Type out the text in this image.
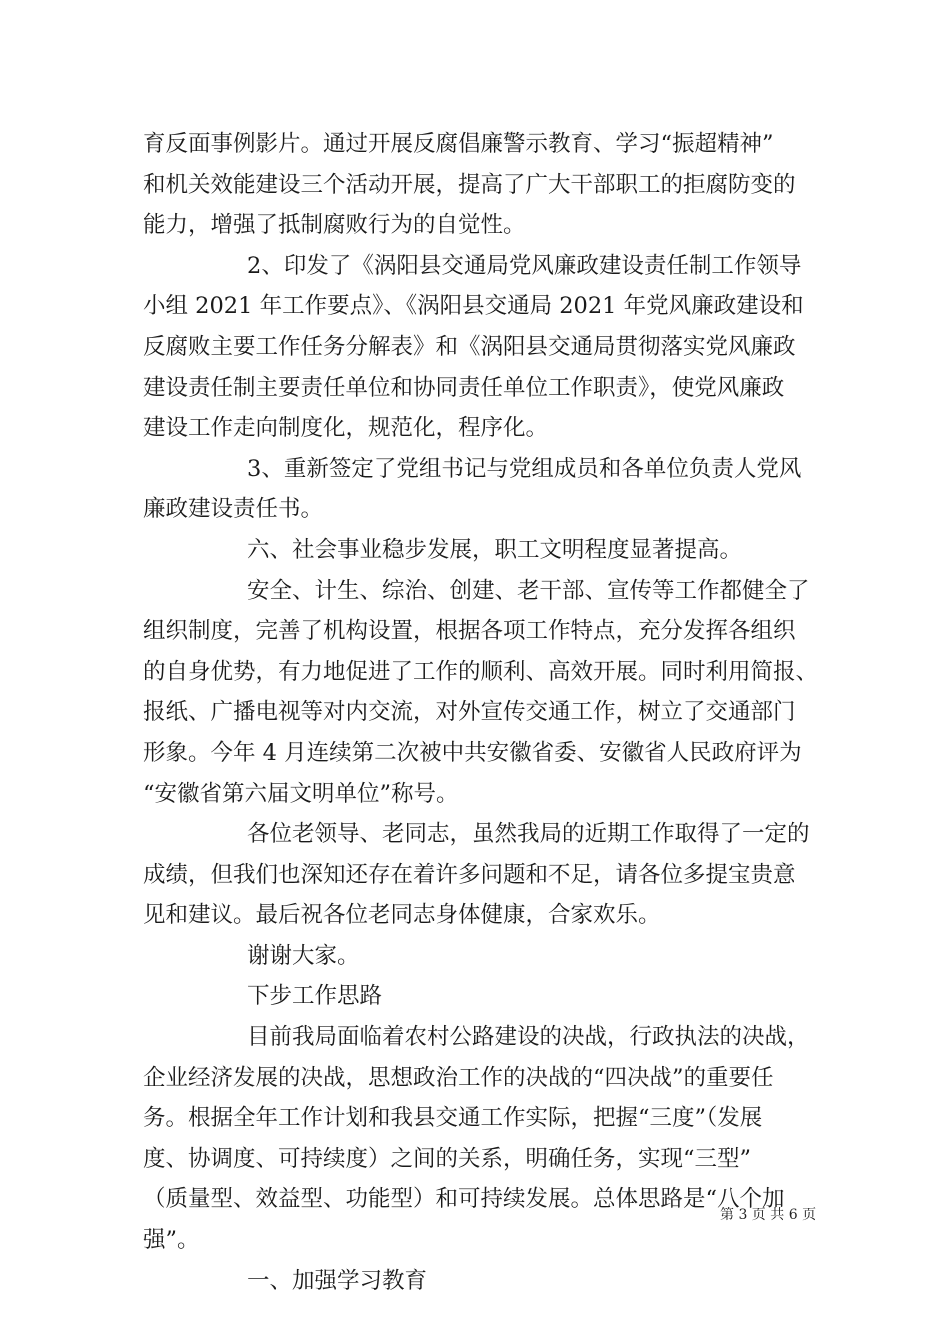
育反面事例影片。通过开展反腐倡廉警示教育、学习“振超精神”
和机关效能建设三个活动开展，提高了广大干部职工的拒腐防变的
能力，增强了抵制腐败行为的自觉性。
2、印发了《涡阳县交通局党风廉政建设责任制工作领导
小组 2021 年工作要点》、《涡阳县交通局 2021 年党风廉政建设和
反腐败主要工作任务分解表》和《涡阳县交通局贯彻落实党风廉政
建设责任制主要责任单位和协同责任单位工作职责》，使党风廉政
建设工作走向制度化，规范化，程序化。
3、重新签定了党组书记与党组成员和各单位负责人党风
廉政建设责任书。
六、社会事业稳步发展，职工文明程度显著提高。
安全、计生、综治、创建、老干部、宣传等工作都健全了
组织制度，完善了机构设置，根据各项工作特点，充分发挥各组织
的自身优势，有力地促进了工作的顺利、高效开展。同时利用简报、
报纸、广播电视等对内交流，对外宣传交通工作，树立了交通部门
形象。今年 4 月连续第二次被中共安徽省委、安徽省人民政府评为
“安徽省第六届文明单位”称号。
各位老领导、老同志，虽然我局的近期工作取得了一定的
成绩，但我们也深知还存在着许多问题和不足，请各位多提宝贵意
见和建议。最后祝各位老同志身体健康，合家欢乐。
谢谢大家。
下步工作思路
目前我局面临着农村公路建设的决战，行政执法的决战，
企业经济发展的决战，思想政治工作的决战的“四决战”的重要任
务。根据全年工作计划和我县交通工作实际，把握“三度”（发展
度、协调度、可持续度）之间的关系，明确任务，实现“三型”
（质量型、效益型、功能型）和可持续发展。总体思路是“八个加
强”。
一、加强学习教育
第 3 页 共 6 页
